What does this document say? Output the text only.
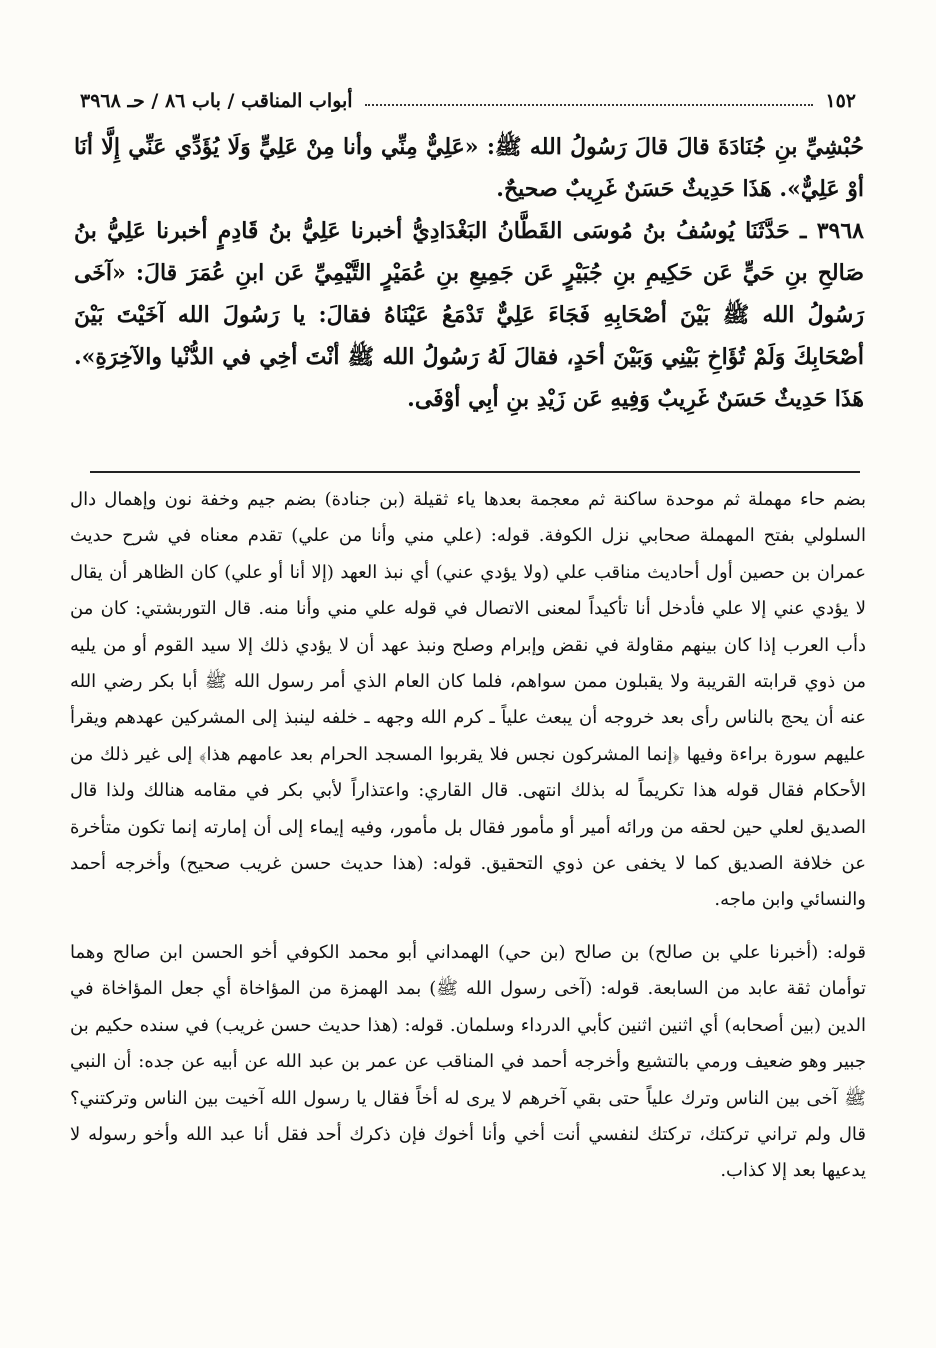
١٥٢
أبواب المناقب / باب ٨٦ / حـ ٣٩٦٨

حُبْشِيِّ بنِ جُنَادَةَ قالَ قالَ رَسُولُ الله ﷺ: «عَلِيٌّ مِنِّي وأنا مِنْ عَلِيٍّ وَلَا يُؤَدِّي عَنِّي إِلَّا أنَا أوْ عَلِيٌّ». هَذَا حَدِيثٌ حَسَنٌ غَرِيبٌ صحيحٌ.

٣٩٦٨ ـ حَدَّثَنَا يُوسُفُ بنُ مُوسَى القَطَّانُ البَغْدَادِيُّ أخبرنا عَلِيُّ بنُ قَادِمٍ أخبرنا عَلِيُّ بنُ صَالحِ بنِ حَيٍّ عَن حَكِيمِ بنِ جُبَيْرٍ عَن جَمِيعِ بنِ عُمَيْرٍ التَّيْمِيِّ عَن ابنِ عُمَرَ قالَ: «آخَى رَسُولُ الله ﷺ بَيْنَ أصْحَابِهِ فَجَاءَ عَلِيٌّ تَدْمَعُ عَيْنَاهُ فقالَ: يا رَسُولَ الله آخَيْتَ بَيْنَ أصْحَابِكَ وَلَمْ تُؤَاخِ بَيْنِي وَبَيْنَ أحَدٍ، فقالَ لَهُ رَسُولُ الله ﷺ أنْتَ أخِي في الدُّنْيا والآخِرَةِ». هَذَا حَدِيثٌ حَسَنٌ غَرِيبٌ وَفِيهِ عَن زَيْدِ بنِ أبِي أوْفَى.

بضم حاء مهملة ثم موحدة ساكنة ثم معجمة بعدها ياء ثقيلة (بن جنادة) بضم جيم وخفة نون وإهمال دال السلولي بفتح المهملة صحابي نزل الكوفة. قوله: (علي مني وأنا من علي) تقدم معناه في شرح حديث عمران بن حصين أول أحاديث مناقب علي (ولا يؤدي عني) أي نبذ العهد (إلا أنا أو علي) كان الظاهر أن يقال لا يؤدي عني إلا علي فأدخل أنا تأكيداً لمعنى الاتصال في قوله علي مني وأنا منه. قال التوربشتي: كان من دأب العرب إذا كان بينهم مقاولة في نقض وإبرام وصلح ونبذ عهد أن لا يؤدي ذلك إلا سيد القوم أو من يليه من ذوي قرابته القريبة ولا يقبلون ممن سواهم، فلما كان العام الذي أمر رسول الله ﷺ أبا بكر رضي الله عنه أن يحج بالناس رأى بعد خروجه أن يبعث علياً ـ كرم الله وجهه ـ خلفه لينبذ إلى المشركين عهدهم ويقرأ عليهم سورة براءة وفيها ﴿إنما المشركون نجس فلا يقربوا المسجد الحرام بعد عامهم هذا﴾ إلى غير ذلك من الأحكام فقال قوله هذا تكريماً له بذلك انتهى. قال القاري: واعتذاراً لأبي بكر في مقامه هنالك ولذا قال الصديق لعلي حين لحقه من ورائه أمير أو مأمور فقال بل مأمور، وفيه إيماء إلى أن إمارته إنما تكون متأخرة عن خلافة الصديق كما لا يخفى عن ذوي التحقيق. قوله: (هذا حديث حسن غريب صحيح) وأخرجه أحمد والنسائي وابن ماجه.

قوله: (أخبرنا علي بن صالح) بن صالح (بن حي) الهمداني أبو محمد الكوفي أخو الحسن ابن صالح وهما توأمان ثقة عابد من السابعة. قوله: (آخى رسول الله ﷺ) بمد الهمزة من المؤاخاة أي جعل المؤاخاة في الدين (بين أصحابه) أي اثنين اثنين كأبي الدرداء وسلمان. قوله: (هذا حديث حسن غريب) في سنده حكيم بن جبير وهو ضعيف ورمي بالتشيع وأخرجه أحمد في المناقب عن عمر بن عبد الله عن أبيه عن جده: أن النبي ﷺ آخى بين الناس وترك علياً حتى بقي آخرهم لا يرى له أخاً فقال يا رسول الله آخيت بين الناس وتركتني؟ قال ولم تراني تركتك، تركتك لنفسي أنت أخي وأنا أخوك فإن ذكرك أحد فقل أنا عبد الله وأخو رسوله لا يدعيها بعد إلا كذاب.
